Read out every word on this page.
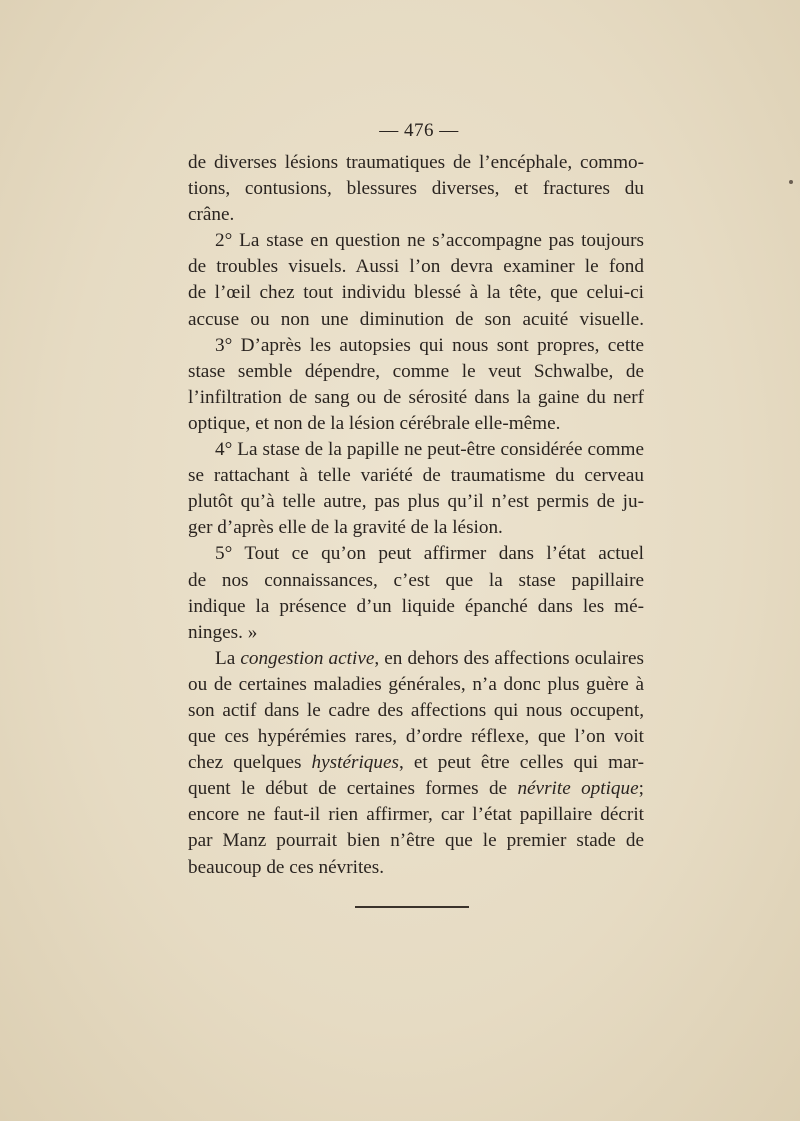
— 476 —
de diverses lésions traumatiques de l’encéphale, commo-
tions, contusions, blessures diverses, et fractures du
crâne.
2° La stase en question ne s’accompagne pas toujours
de troubles visuels. Aussi l’on devra examiner le fond
de l’œil chez tout individu blessé à la tête, que celui-ci
accuse ou non une diminution de son acuité visuelle.
3° D’après les autopsies qui nous sont propres, cette
stase semble dépendre, comme le veut Schwalbe, de
l’infiltration de sang ou de sérosité dans la gaine du nerf
optique, et non de la lésion cérébrale elle-même.
4° La stase de la papille ne peut-être considérée comme
se rattachant à telle variété de traumatisme du cerveau
plutôt qu’à telle autre, pas plus qu’il n’est permis de ju-
ger d’après elle de la gravité de la lésion.
5° Tout ce qu’on peut affirmer dans l’état actuel
de nos connaissances, c’est que la stase papillaire
indique la présence d’un liquide épanché dans les mé-
ninges. »
La congestion active, en dehors des affections oculaires
ou de certaines maladies générales, n’a donc plus guère à
son actif dans le cadre des affections qui nous occupent,
que ces hypérémies rares, d’ordre réflexe, que l’on voit
chez quelques hystériques, et peut être celles qui mar-
quent le début de certaines formes de névrite optique;
encore ne faut-il rien affirmer, car l’état papillaire décrit
par Manz pourrait bien n’être que le premier stade de
beaucoup de ces névrites.
